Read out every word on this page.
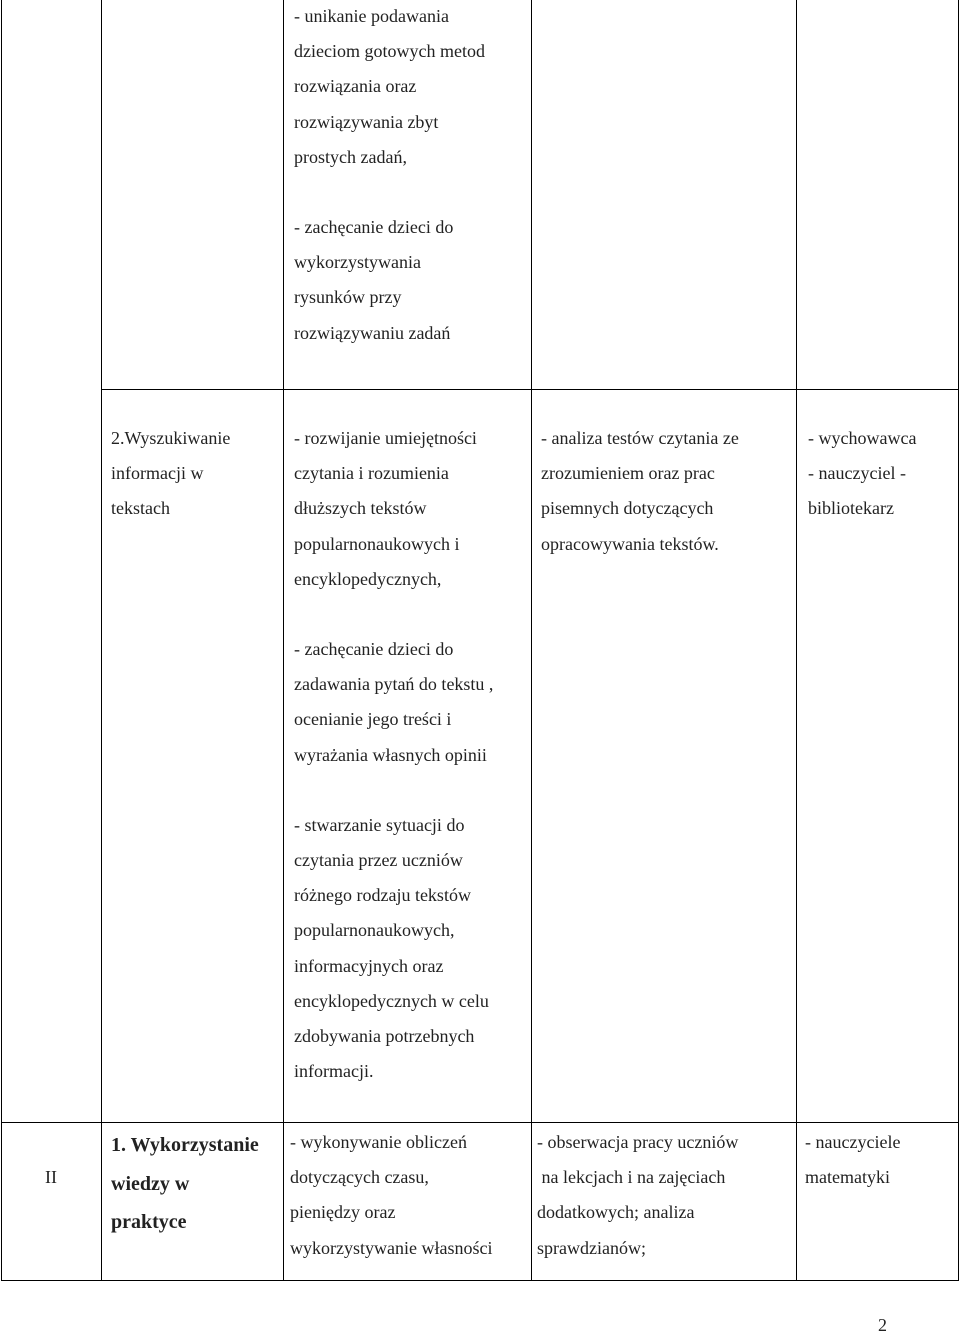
- unikanie podawania

dzieciom gotowych metod

rozwiązania oraz

rozwiązywania zbyt

prostych zadań,

- zachęcanie dzieci do

wykorzystywania

rysunków przy

rozwiązywaniu zadań

2.Wyszukiwanie

informacji w

tekstach

- rozwijanie umiejętności

czytania i rozumienia

dłuższych tekstów

popularnonaukowych i

encyklopedycznych,

- zachęcanie dzieci do

zadawania pytań do tekstu ,

ocenianie jego treści i

wyrażania własnych opinii

- stwarzanie sytuacji do

czytania przez uczniów

różnego rodzaju tekstów

popularnonaukowych,

informacyjnych oraz

encyklopedycznych w celu

zdobywania potrzebnych

informacji.

- analiza testów czytania ze

zrozumieniem oraz prac

pisemnych dotyczących

opracowywania tekstów.

- wychowawca

- nauczyciel -

bibliotekarz

II

1. Wykorzystanie

wiedzy w

praktyce

- wykonywanie obliczeń

dotyczących czasu,

pieniędzy oraz

wykorzystywanie własności

- obserwacja pracy uczniów

na lekcjach i na zajęciach

dodatkowych; analiza

sprawdzianów;

- nauczyciele

matematyki

2
